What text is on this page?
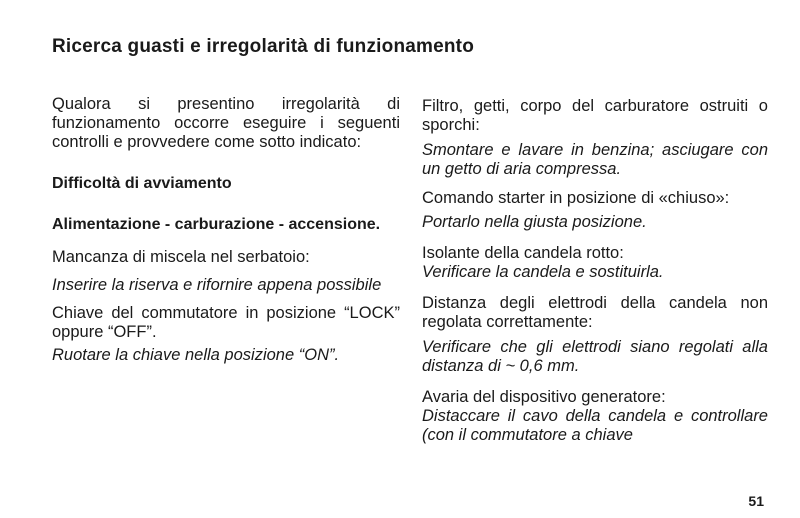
Ricerca guasti e irregolarità di funzionamento

Qualora si presentino irregolarità di funzionamento occorre eseguire i seguenti controlli e provvedere come sotto indicato:

Difficoltà di avviamento

Alimentazione - carburazione - accensione.

Mancanza di miscela nel serbatoio:

Inserire la riserva e rifornire appena possibile

Chiave del commutatore in posizione “LOCK” oppure “OFF”.

Ruotare la chiave nella posizione “ON”.

Filtro, getti, corpo del carburatore ostruiti o sporchi:

Smontare e lavare in benzina; asciugare con un getto di aria compressa.

Comando starter in posizione di «chiuso»:

Portarlo nella giusta posizione.

Isolante della candela rotto:

Verificare la candela e sostituirla.

Distanza degli elettrodi della candela non regolata correttamente:

Verificare che gli elettrodi siano regolati alla distanza di ~ 0,6 mm.

Avaria del dispositivo generatore:

Distaccare il cavo della candela e controllare (con il commutatore a chiave

51
